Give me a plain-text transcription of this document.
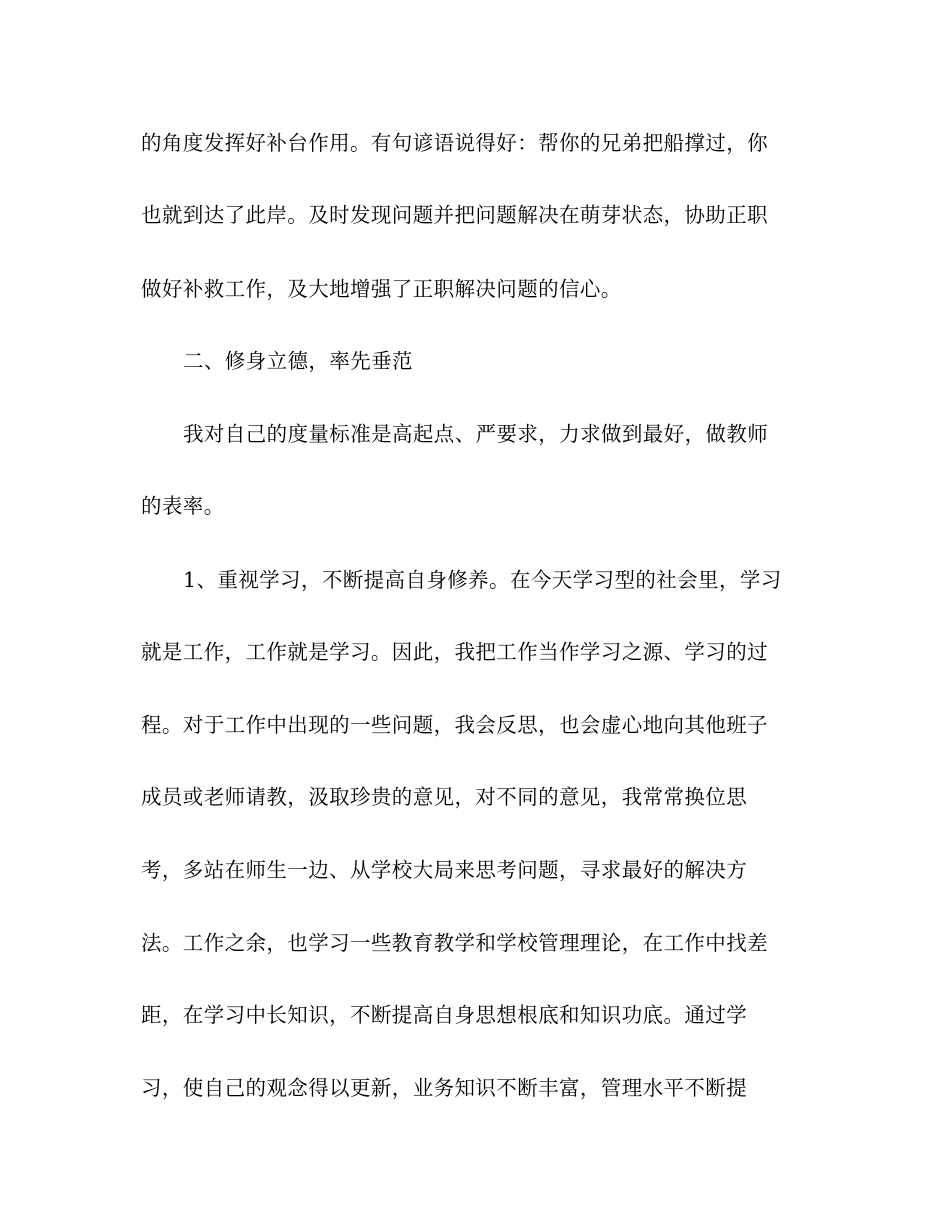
的角度发挥好补台作用。有句谚语说得好：帮你的兄弟把船撑过，你
也就到达了此岸。及时发现问题并把问题解决在萌芽状态，协助正职
做好补救工作，及大地增强了正职解决问题的信心。
二、修身立德，率先垂范
我对自己的度量标准是高起点、严要求，力求做到最好，做教师
的表率。
1、重视学习，不断提高自身修养。在今天学习型的社会里，学习
就是工作，工作就是学习。因此，我把工作当作学习之源、学习的过
程。对于工作中出现的一些问题，我会反思，也会虚心地向其他班子
成员或老师请教，汲取珍贵的意见，对不同的意见，我常常换位思
考，多站在师生一边、从学校大局来思考问题，寻求最好的解决方
法。工作之余，也学习一些教育教学和学校管理理论，在工作中找差
距，在学习中长知识，不断提高自身思想根底和知识功底。通过学
习，使自己的观念得以更新，业务知识不断丰富，管理水平不断提
